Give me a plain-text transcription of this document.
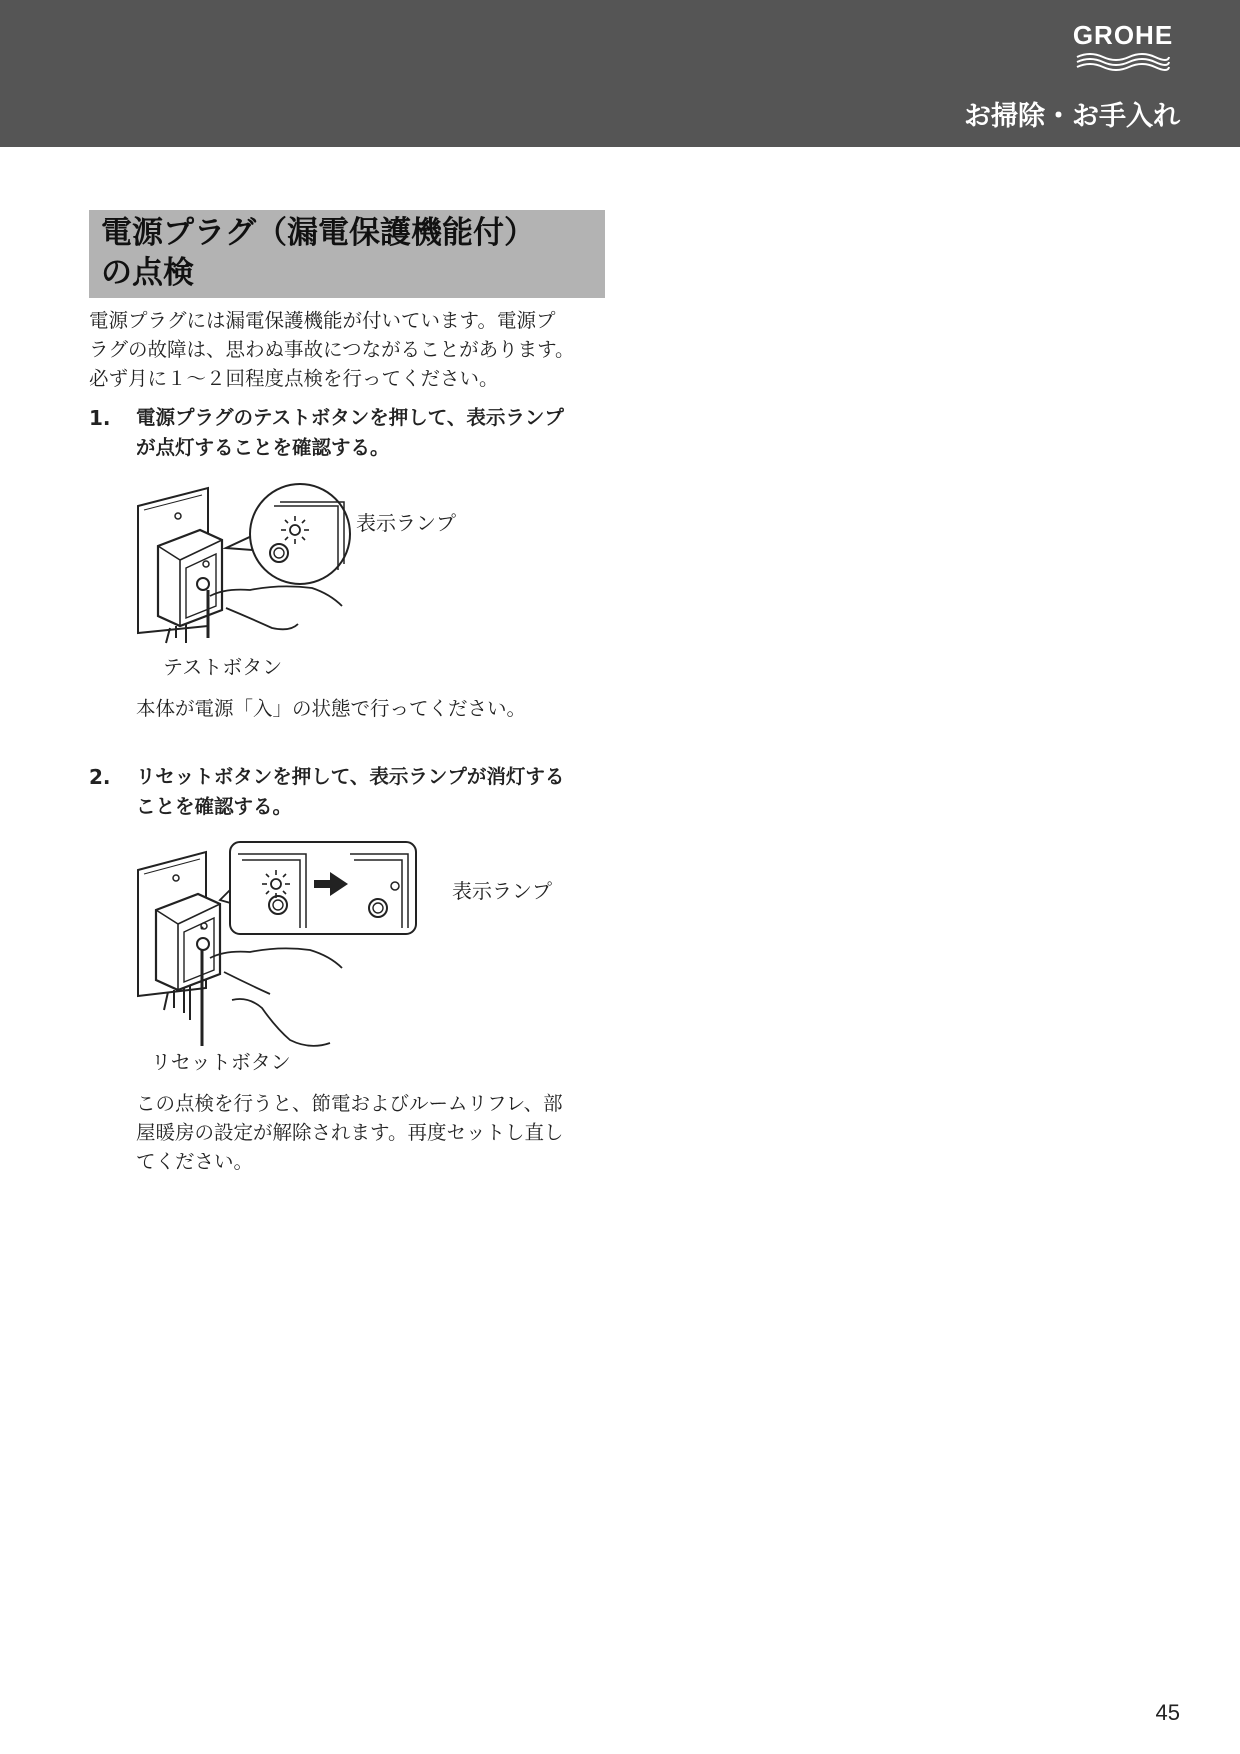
GROHE
お掃除・お手入れ
電源プラグ（漏電保護機能付）
の点検
電源プラグには漏電保護機能が付いています。電源プ
ラグの故障は、思わぬ事故につながることがあります。
必ず月に１～２回程度点検を行ってください。
1. 電源プラグのテストボタンを押して、表示ランプ
が点灯することを確認する。
表示ランプ
テストボタン
本体が電源「入」の状態で行ってください。
2. リセットボタンを押して、表示ランプが消灯する
ことを確認する。
表示ランプ
リセットボタン
この点検を行うと、節電およびルームリフレ、部
屋暖房の設定が解除されます。再度セットし直し
てください。
45
